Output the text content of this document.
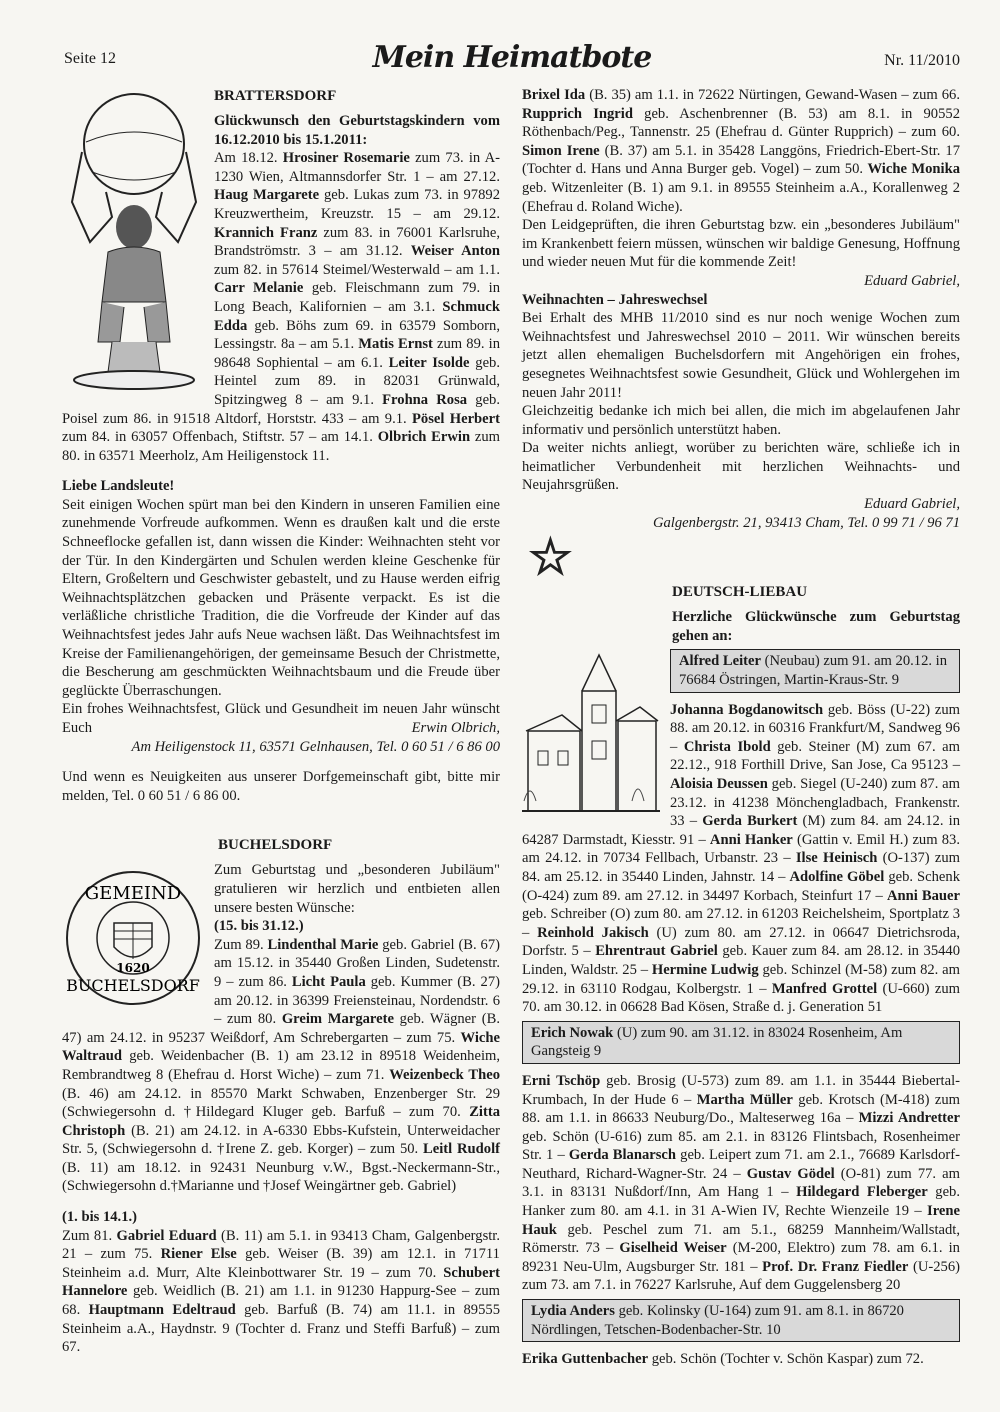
Seite 12	Mein Heimatbote	Nr. 11/2010

BRATTERSDORF

Glückwunsch den Geburtstagskindern vom 16.12.2010 bis 15.1.2011:

Am 18.12. Hrosiner Rosemarie zum 73. in A-1230 Wien, Altmannsdorfer Str. 1 – am 27.12. Haug Margarete geb. Lukas zum 73. in 97892 Kreuzwertheim, Kreuzstr. 15 – am 29.12. Krannich Franz zum 83. in 76001 Karlsruhe, Brandströmstr. 3 – am 31.12. Weiser Anton zum 82. in 57614 Steimel/Westerwald – am 1.1. Carr Melanie geb. Fleischmann zum 79. in Long Beach, Kalifornien – am 3.1. Schmuck Edda geb. Böhs zum 69. in 63579 Somborn, Lessingstr. 8a – am 5.1. Matis Ernst zum 89. in 98648 Sophiental – am 6.1. Leiter Isolde geb. Heintel zum 89. in 82031 Grünwald, Spitzingweg 8 – am 9.1. Frohna Rosa geb. Poisel zum 86. in 91518 Altdorf, Horststr. 433 – am 9.1. Pösel Herbert zum 84. in 63057 Offenbach, Stiftstr. 57 – am 14.1. Olbrich Erwin zum 80. in 63571 Meerholz, Am Heiligenstock 11.

Liebe Landsleute!

Seit einigen Wochen spürt man bei den Kindern in unseren Familien eine zunehmende Vorfreude aufkommen. Wenn es draußen kalt und die erste Schneeflocke gefallen ist, dann wissen die Kinder: Weihnachten steht vor der Tür. In den Kindergärten und Schulen werden kleine Geschenke für Eltern, Großeltern und Geschwister gebastelt, und zu Hause werden eifrig Weihnachtsplätzchen gebacken und Präsente verpackt. Es ist die verläßliche christliche Tradition, die die Vorfreude der Kinder auf das Weihnachtsfest jedes Jahr aufs Neue wachsen läßt. Das Weihnachtsfest im Kreise der Familienangehörigen, der gemeinsame Besuch der Christmette, die Bescherung am geschmückten Weihnachtsbaum und die Freude über geglückte Überraschungen.

Ein frohes Weihnachtsfest, Glück und Gesundheit im neuen Jahr wünscht Euch	Erwin Olbrich,

Am Heiligenstock 11, 63571 Gelnhausen, Tel. 0 60 51 / 6 86 00

Und wenn es Neuigkeiten aus unserer Dorfgemeinschaft gibt, bitte mir melden, Tel. 0 60 51 / 6 86 00.

BUCHELSDORF

GEMEIND
BUCHELSDORF
1620

Zum Geburtstag und „besonderen Jubiläum" gratulieren wir herzlich und entbieten allen unsere besten Wünsche:

(15. bis 31.12.)

Zum 89. Lindenthal Marie geb. Gabriel (B. 67) am 15.12. in 35440 Großen Linden, Sudetenstr. 9 – zum 86. Licht Paula geb. Kummer (B. 27) am 20.12. in 36399 Freiensteinau, Nordendstr. 6 – zum 80. Greim Margarete geb. Wägner (B. 47) am 24.12. in 95237 Weißdorf, Am Schrebergarten – zum 75. Wiche Waltraud geb. Weidenbacher (B. 1) am 23.12 in 89518 Weidenheim, Rembrandtweg 8 (Ehefrau d. Horst Wiche) – zum 71. Weizenbeck Theo (B. 46) am 24.12. in 85570 Markt Schwaben, Enzenberger Str. 29 (Schwiegersohn d. †Hildegard Kluger geb. Barfuß – zum 70. Zitta Christoph (B. 21) am 24.12. in A-6330 Ebbs-Kufstein, Unterweidacher Str. 5, (Schwiegersohn d. †Irene Z. geb. Korger) – zum 50. Leitl Rudolf (B. 11) am 18.12. in 92431 Neunburg v.W., Bgst.-Neckermann-Str., (Schwiegersohn d.†Marianne und †Josef Weingärtner geb. Gabriel)

(1. bis 14.1.)

Zum 81. Gabriel Eduard (B. 11) am 5.1. in 93413 Cham, Galgenbergstr. 21 – zum 75. Riener Else geb. Weiser (B. 39) am 12.1. in 71711 Steinheim a.d. Murr, Alte Kleinbottwarer Str. 19 – zum 70. Schubert Hannelore geb. Weidlich (B. 21) am 1.1. in 91230 Happurg-See – zum 68. Hauptmann Edeltraud geb. Barfuß (B. 74) am 11.1. in 89555 Steinheim a.A., Haydnstr. 9 (Tochter d. Franz und Steffi Barfuß) – zum 67.

Brixel Ida (B. 35) am 1.1. in 72622 Nürtingen, Gewand-Wasen – zum 66. Rupprich Ingrid geb. Aschenbrenner (B. 53) am 8.1. in 90552 Röthenbach/Peg., Tannenstr. 25 (Ehefrau d. Günter Rupprich) – zum 60. Simon Irene (B. 37) am 5.1. in 35428 Langgöns, Friedrich-Ebert-Str. 17 (Tochter d. Hans und Anna Burger geb. Vogel) – zum 50. Wiche Monika geb. Witzenleiter (B. 1) am 9.1. in 89555 Steinheim a.A., Korallenweg 2 (Ehefrau d. Roland Wiche).

Den Leidgeprüften, die ihren Geburtstag bzw. ein „besonderes Jubiläum" im Krankenbett feiern müssen, wünschen wir baldige Genesung, Hoffnung und wieder neuen Mut für die kommende Zeit!

Eduard Gabriel,

Weihnachten – Jahreswechsel

Bei Erhalt des MHB 11/2010 sind es nur noch wenige Wochen zum Weihnachtsfest und Jahreswechsel 2010 – 2011. Wir wünschen bereits jetzt allen ehemaligen Buchelsdorfern mit Angehörigen ein frohes, gesegnetes Weihnachtsfest sowie Gesundheit, Glück und Wohlergehen im neuen Jahr 2011!

Gleichzeitig bedanke ich mich bei allen, die mich im abgelaufenen Jahr informativ und persönlich unterstützt haben.

Da weiter nichts anliegt, worüber zu berichten wäre, schließe ich in heimatlicher Verbundenheit mit herzlichen Weihnachts- und Neujahrsgrüßen.

Eduard Gabriel,

Galgenbergstr. 21, 93413 Cham, Tel. 0 99 71 / 96 71

☆

DEUTSCH-LIEBAU

Herzliche Glückwünsche zum Geburtstag gehen an:

Alfred Leiter (Neubau) zum 91. am 20.12. in 76684 Östringen, Martin-Kraus-Str. 9

Johanna Bogdanowitsch geb. Böss (U-22) zum 88. am 20.12. in 60316 Frankfurt/M, Sandweg 96 – Christa Ibold geb. Steiner (M) zum 67. am 22.12., 918 Forthill Drive, San Jose, Ca 95123 – Aloisia Deussen geb. Siegel (U-240) zum 87. am 23.12. in 41238 Mönchengladbach, Frankenstr. 33 – Gerda Burkert (M) zum 84. am 24.12. in 64287 Darmstadt, Kiesstr. 91 – Anni Hanker (Gattin v. Emil H.) zum 83. am 24.12. in 70734 Fellbach, Urbanstr. 23 – Ilse Heinisch (O-137) zum 84. am 25.12. in 35440 Linden, Jahnstr. 14 – Adolfine Göbel geb. Schenk (O-424) zum 89. am 27.12. in 34497 Korbach, Steinfurt 17 – Anni Bauer geb. Schreiber (O) zum 80. am 27.12. in 61203 Reichelsheim, Sportplatz 3 – Reinhold Jakisch (U) zum 80. am 27.12. in 06647 Dietrichsroda, Dorfstr. 5 – Ehrentraut Gabriel geb. Kauer zum 84. am 28.12. in 35440 Linden, Waldstr. 25 – Hermine Ludwig geb. Schinzel (M-58) zum 82. am 29.12. in 63110 Rodgau, Kolbergstr. 1 – Manfred Grottel (U-660) zum 70. am 30.12. in 06628 Bad Kösen, Straße d. j. Generation 51

Erich Nowak (U) zum 90. am 31.12. in 83024 Rosenheim, Am Gangsteig 9

Erni Tschöp geb. Brosig (U-573) zum 89. am 1.1. in 35444 Biebertal-Krumbach, In der Hude 6 – Martha Müller geb. Krotsch (M-418) zum 88. am 1.1. in 86633 Neuburg/Do., Malteserweg 16a – Mizzi Andretter geb. Schön (U-616) zum 85. am 2.1. in 83126 Flintsbach, Rosenheimer Str. 1 – Gerda Blanarsch geb. Leipert zum 71. am 2.1., 76689 Karlsdorf-Neuthard, Richard-Wagner-Str. 24 – Gustav Gödel (O-81) zum 77. am 3.1. in 83131 Nußdorf/Inn, Am Hang 1 – Hildegard Fleberger geb. Hanker zum 80. am 4.1. in 31 A-Wien IV, Rechte Wienzeile 19 – Irene Hauk geb. Peschel zum 71. am 5.1., 68259 Mannheim/Wallstadt, Römerstr. 73 – Giselheid Weiser (M-200, Elektro) zum 78. am 6.1. in 89231 Neu-Ulm, Augsburger Str. 181 – Prof. Dr. Franz Fiedler (U-256) zum 73. am 7.1. in 76227 Karlsruhe, Auf dem Guggelensberg 20

Lydia Anders geb. Kolinsky (U-164) zum 91. am 8.1. in 86720 Nördlingen, Tetschen-Bodenbacher-Str. 10

Erika Guttenbacher geb. Schön (Tochter v. Schön Kaspar) zum 72.
